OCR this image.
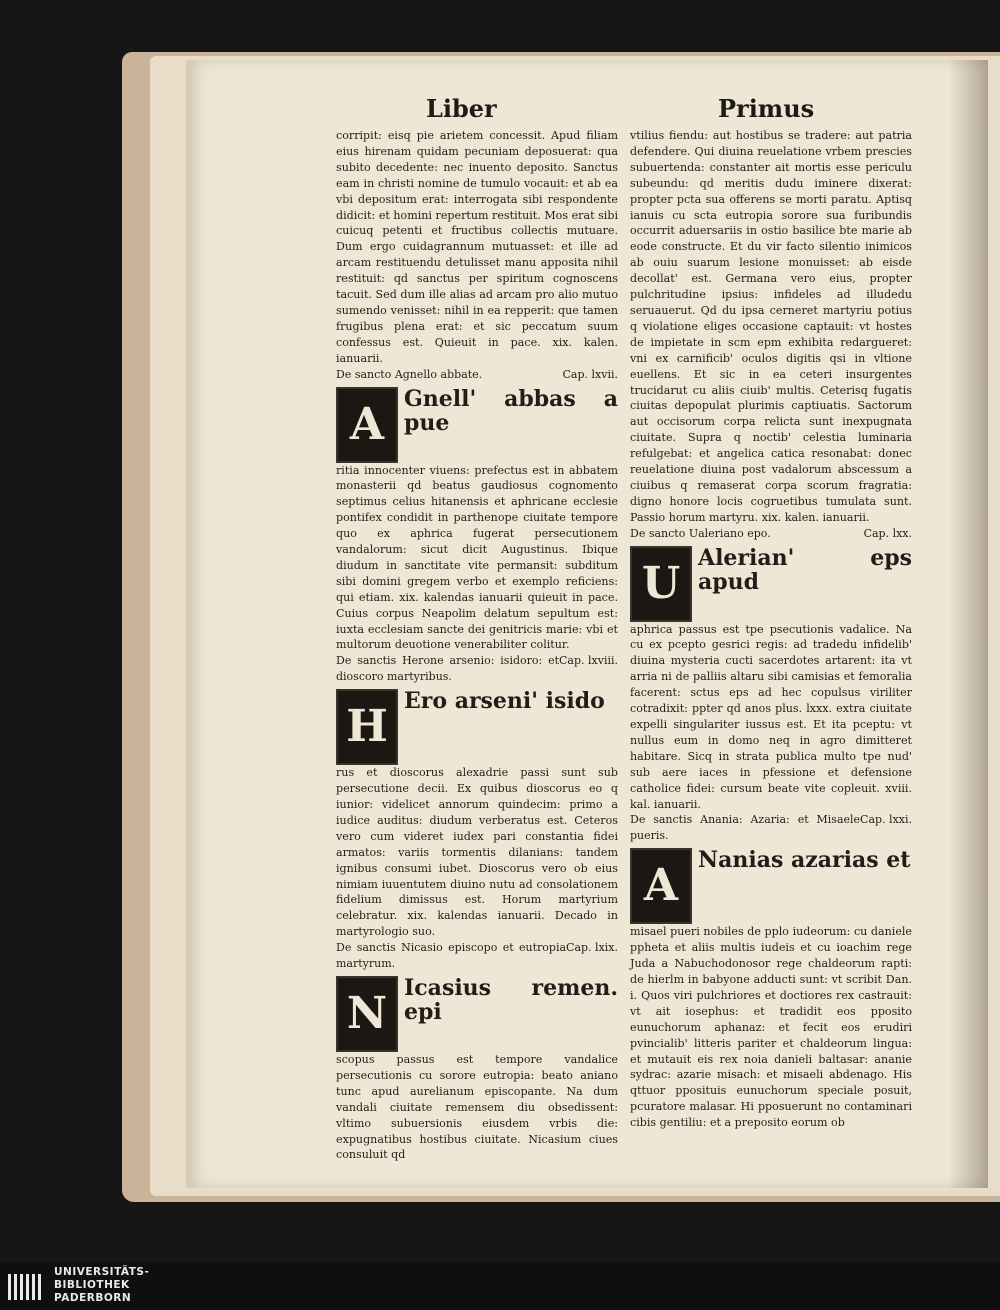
Liber	Primus

corripit: eisq pie arietem concessit. Apud filiam eius hirenam quidam pecuniam deposuerat: qua subito decedente: nec inuento deposito. Sanctus eam in christi nomine de tumulo vocauit: et ab ea vbi depositum erat: interrogata sibi respondente didicit: et homini repertum restituit. Mos erat sibi cuicuq petenti et fructibus collectis mutuare. Dum ergo cuidagrannum mutuasset: et ille ad arcam restituendu detulisset manu apposita nihil restituit: qd sanctus per spiritum cognoscens tacuit. Sed dum ille alias ad arcam pro alio mutuo sumendo venisset: nihil in ea repperit: que tamen frugibus plena erat: et sic peccatum suum confessus est. Quieuit in pace. xix. kalen. ianuarii.

De sancto Agnello abbate.	Cap. lxvii.
A
Gnell' abbas a pue

ritia innocenter viuens: prefectus est in abbatem monasterii qd beatus gaudiosus cognomento septimus celius hitanensis et aphricane ecclesie pontifex condidit in parthenope ciuitate tempore quo ex aphrica fugerat persecutionem vandalorum: sicut dicit Augustinus. Ibique diudum in sanctitate vite permansit: subditum sibi domini gregem verbo et exemplo reficiens: qui etiam. xix. kalendas ianuarii quieuit in pace. Cuius corpus Neapolim delatum sepultum est: iuxta ecclesiam sancte dei genitricis marie: vbi et multorum deuotione venerabiliter colitur.

De sanctis Herone arsenio: isidoro: et dioscoro martyribus.
Cap. lxviii.
H
Ero arseni' isido

rus et dioscorus alexadrie passi sunt sub persecutione decii. Ex quibus dioscorus eo q iunior: videlicet annorum quindecim: primo a iudice auditus: diudum verberatus est. Ceteros vero cum videret iudex pari constantia fidei armatos: variis tormentis dilanians: tandem ignibus consumi iubet. Dioscorus vero ob eius nimiam iuuentutem diuino nutu ad consolationem fidelium dimissus est. Horum martyrium celebratur. xix. kalendas ianuarii. Decado in martyrologio suo.

De sanctis Nicasio episcopo et eutropia martyrum.
Cap. lxix.
N
Icasius remen. epi

scopus passus est tempore vandalice persecutionis cu sorore eutropia: beato aniano tunc apud aurelianum episcopante. Na dum vandali ciuitate remensem diu obsedissent: vltimo subuersionis eiusdem vrbis die: expugnatibus hostibus ciuitate. Nicasium ciues consuluit qd

vtilius fiendu: aut hostibus se tradere: aut patria defendere. Qui diuina reuelatione vrbem prescies subuertenda: constanter ait mortis esse periculu subeundu: qd meritis dudu iminere dixerat: propter pcta sua offerens se morti paratu. Aptisq ianuis cu scta eutropia sorore sua furibundis occurrit aduersariis in ostio basilice bte marie ab eode constructe. Et du vir facto silentio inimicos ab ouiu suarum lesione monuisset: ab eisde decollat' est. Germana vero eius, propter pulchritudine ipsius: infideles ad illudedu seruauerut. Qd du ipsa cerneret martyriu potius q violatione eliges occasione captauit: vt hostes de impietate in scm epm exhibita redargueret: vni ex carnificib' oculos digitis qsi in vltione euellens. Et sic in ea ceteri insurgentes trucidarut cu aliis ciuib' multis. Ceterisq fugatis ciuitas depopulat plurimis captiuatis. Sactorum aut occisorum corpa relicta sunt inexpugnata ciuitate. Supra q noctib' celestia luminaria refulgebat: et angelica catica resonabat: donec reuelatione diuina post vadalorum abscessum a ciuibus q remaserat corpa scorum fragratia: digno honore locis cogruetibus tumulata sunt. Passio horum martyru. xix. kalen. ianuarii.

De sancto Ualeriano epo.	Cap. lxx.
U
Alerian' eps apud

aphrica passus est tpe psecutionis vadalice. Na cu ex pcepto gesrici regis: ad tradedu infidelib' diuina mysteria cucti sacerdotes artarent: ita vt arria ni de palliis altaru sibi camisias et femoralia facerent: sctus eps ad hec copulsus viriliter cotradixit: ppter qd anos plus. lxxx. extra ciuitate expelli singulariter iussus est. Et ita pceptu: vt nullus eum in domo neq in agro dimitteret habitare. Sicq in strata publica multo tpe nud' sub aere iaces in pfessione et defensione catholice fidei: cursum beate vite copleuit. xviii. kal. ianuarii.

De sanctis Anania: Azaria: et Misaele pueris.
Cap. lxxi.
A
Nanias azarias et

misael pueri nobiles de pplo iudeorum: cu daniele pphetа et aliis multis iudeis et cu ioachim rege Juda a Nabuchodonosor rege chaldeorum rapti: de hierlm in babyone adducti sunt: vt scribit Dan. i. Quos viri pulchriores et doctiores rex castrauit: vt ait iosephus: et tradidit eos pposito eunuchorum aphanaz: et fecit eos erudiri pvincialib' litteris pariter et chaldeorum lingua: et mutauit eis rex noia danieli baltasar: ananie sydrac: azarie misach: et misaeli abdenago. His qttuor pposituis eunuchorum speciale posuit, pcuratore malasar. Hi pposuerunt no contaminari cibis gentiliu: et a preposito eorum ob

UNIVERSITÄTS-
BIBLIOTHEK
PADERBORN
